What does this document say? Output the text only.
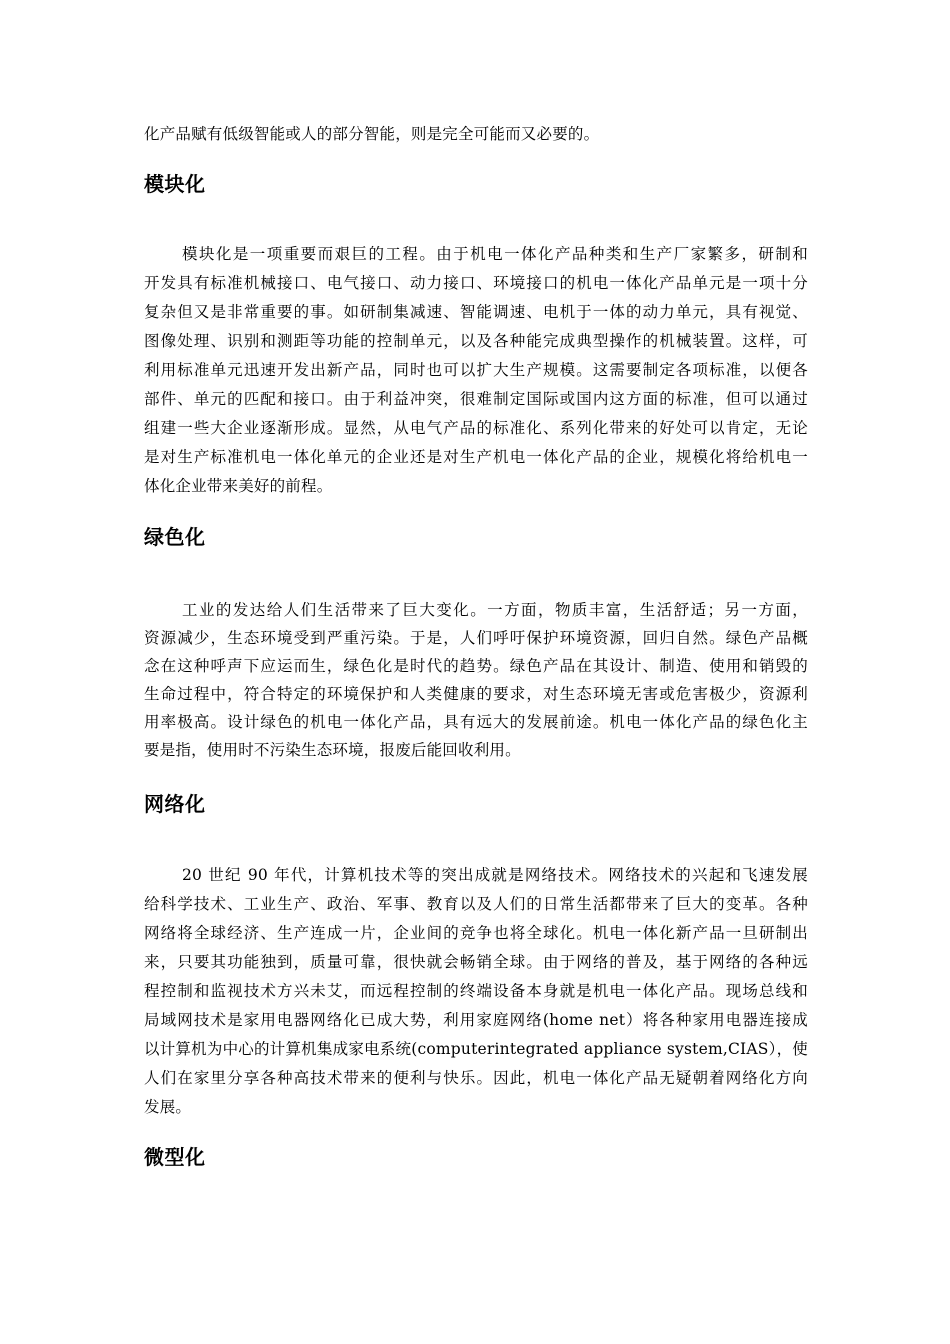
化产品赋有低级智能或人的部分智能，则是完全可能而又必要的。
模块化
模块化是一项重要而艰巨的工程。由于机电一体化产品种类和生产厂家繁多，研制和
开发具有标准机械接口、电气接口、动力接口、环境接口的机电一体化产品单元是一项十分
复杂但又是非常重要的事。如研制集减速、智能调速、电机于一体的动力单元，具有视觉、
图像处理、识别和测距等功能的控制单元，以及各种能完成典型操作的机械装置。这样，可
利用标准单元迅速开发出新产品，同时也可以扩大生产规模。这需要制定各项标准，以便各
部件、单元的匹配和接口。由于利益冲突，很难制定国际或国内这方面的标准，但可以通过
组建一些大企业逐渐形成。显然，从电气产品的标准化、系列化带来的好处可以肯定，无论
是对生产标准机电一体化单元的企业还是对生产机电一体化产品的企业，规模化将给机电一
体化企业带来美好的前程。
绿色化
工业的发达给人们生活带来了巨大变化。一方面，物质丰富，生活舒适；另一方面，
资源减少，生态环境受到严重污染。于是，人们呼吁保护环境资源，回归自然。绿色产品概
念在这种呼声下应运而生，绿色化是时代的趋势。绿色产品在其设计、制造、使用和销毁的
生命过程中，符合特定的环境保护和人类健康的要求，对生态环境无害或危害极少，资源利
用率极高。设计绿色的机电一体化产品，具有远大的发展前途。机电一体化产品的绿色化主
要是指，使用时不污染生态环境，报废后能回收利用。
网络化
20 世纪 90 年代，计算机技术等的突出成就是网络技术。网络技术的兴起和飞速发展
给科学技术、工业生产、政治、军事、教育以及人们的日常生活都带来了巨大的变革。各种
网络将全球经济、生产连成一片，企业间的竞争也将全球化。机电一体化新产品一旦研制出
来，只要其功能独到，质量可靠，很快就会畅销全球。由于网络的普及，基于网络的各种远
程控制和监视技术方兴未艾，而远程控制的终端设备本身就是机电一体化产品。现场总线和
局域网技术是家用电器网络化已成大势，利用家庭网络(home net）将各种家用电器连接成
以计算机为中心的计算机集成家电系统(computerintegrated appliance system,CIAS），使
人们在家里分享各种高技术带来的便利与快乐。因此，机电一体化产品无疑朝着网络化方向
发展。
微型化
